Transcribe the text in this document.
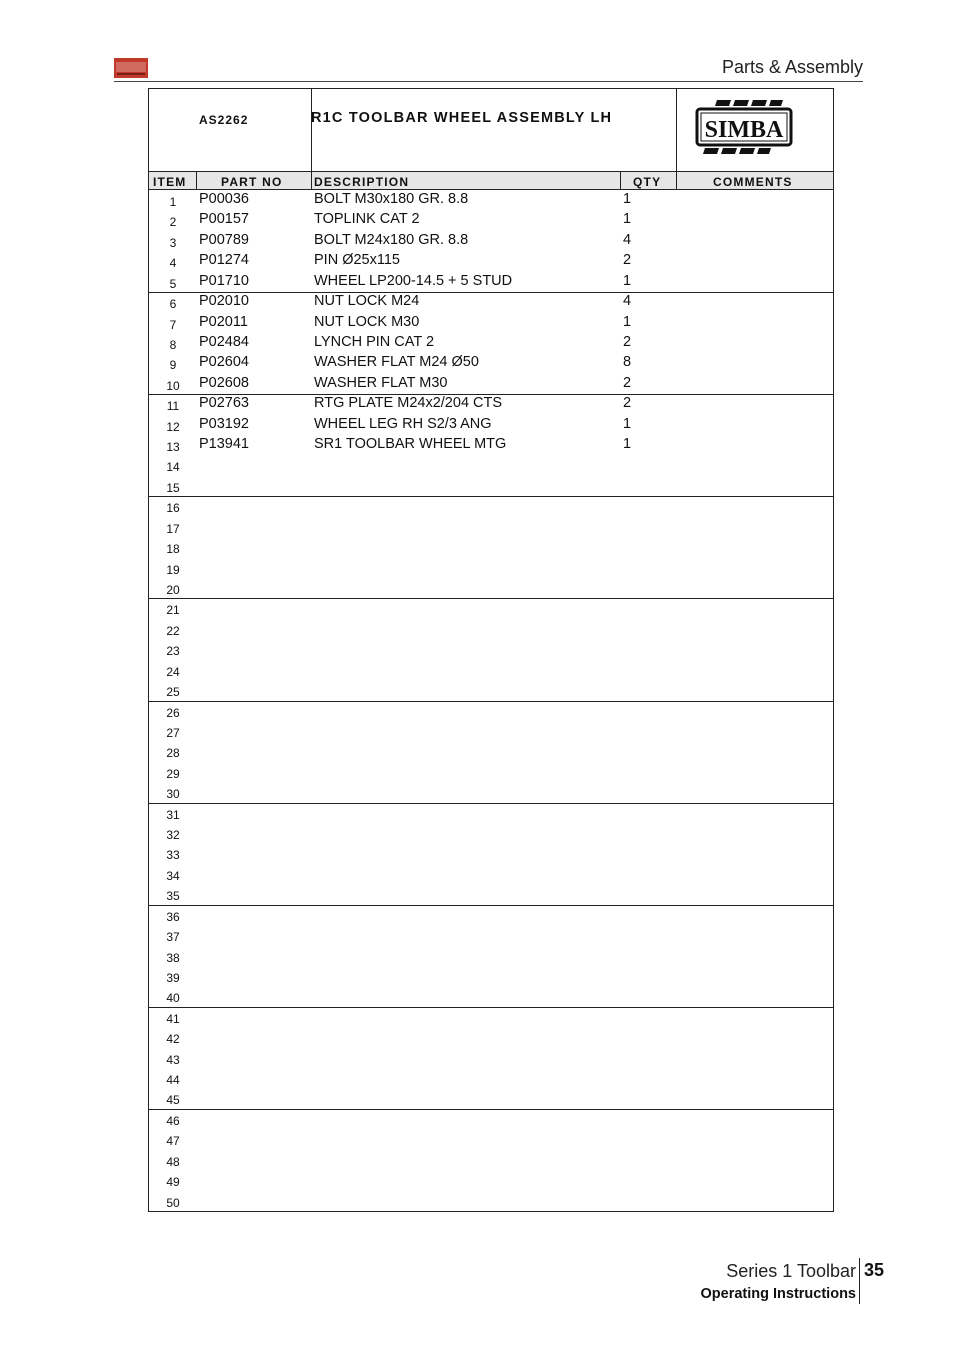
Parts & Assembly
AS2262	R1C TOOLBAR WHEEL ASSEMBLY LH	SIMBA
ITEM	PART NO	DESCRIPTION	QTY	COMMENTS
1	P00036	BOLT M30x180 GR. 8.8	1
2	P00157	TOPLINK CAT 2	1
3	P00789	BOLT M24x180 GR. 8.8	4
4	P01274	PIN Ø25x115	2
5	P01710	WHEEL LP200-14.5 + 5 STUD	1
6	P02010	NUT LOCK M24	4
7	P02011	NUT LOCK M30	1
8	P02484	LYNCH PIN CAT 2	2
9	P02604	WASHER FLAT M24 Ø50	8
10	P02608	WASHER FLAT M30	2
11	P02763	RTG PLATE M24x2/204 CTS	2
12	P03192	WHEEL LEG RH S2/3 ANG	1
13	P13941	SR1 TOOLBAR WHEEL MTG	1
14
15
16
17
18
19
20
21
22
23
24
25
26
27
28
29
30
31
32
33
34
35
36
37
38
39
40
41
42
43
44
45
46
47
48
49
50
Series 1 Toolbar 35
Operating Instructions
